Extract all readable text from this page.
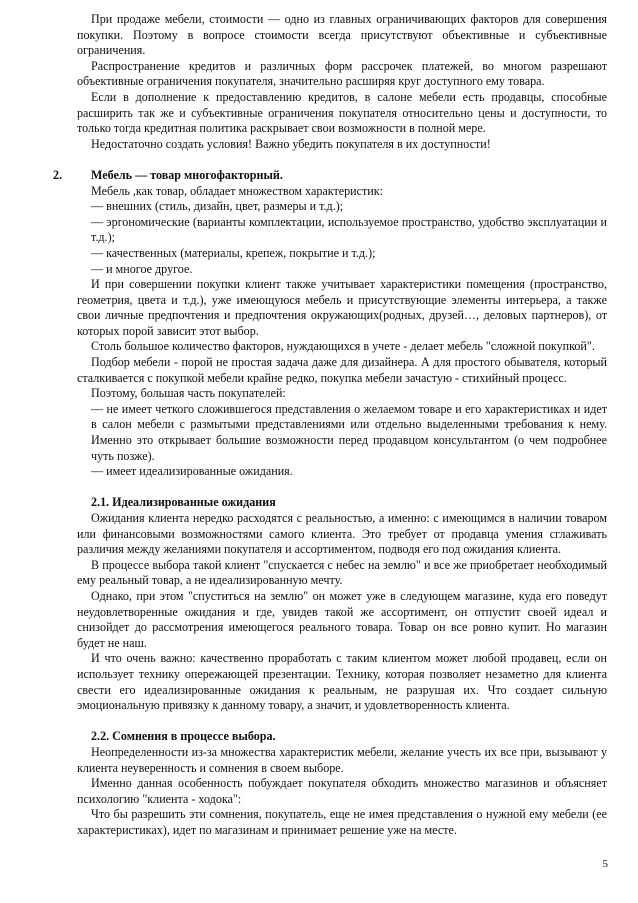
При продаже мебели, стоимости — одно из главных ограничивающих факторов для совершения покупки. Поэтому в вопросе стоимости всегда присутствуют объективные и субъективные ограничения.

Распространение кредитов и различных форм рассрочек платежей, во многом разрешают объективные ограничения покупателя, значительно расширяя круг доступного ему товара.

Если в дополнение к предоставлению кредитов, в салоне мебели есть продавцы, способные расширить так же и субъективные ограничения покупателя относительно цены и доступности, то только тогда кредитная политика раскрывает свои возможности в полной мере.

Недостаточно создать условия! Важно убедить покупателя в их доступности!

2.	Мебель — товар многофакторный.

Мебель ,как товар, обладает множеством характеристик:

— внешних (стиль, дизайн, цвет, размеры и т.д.);

— эргономические (варианты комплектации, используемое пространство, удобство эксплуатации и т.д.);

— качественных (материалы, крепеж, покрытие и т.д.);

— и многое другое.

И при совершении покупки клиент также учитывает характеристики помещения (пространство, геометрия, цвета и т.д.), уже имеющуюся мебель и присутствующие элементы интерьера, а также свои личные предпочтения и предпочтения окружающих(родных, друзей…, деловых партнеров), от которых порой зависит этот выбор.

Столь большое количество факторов, нуждающихся в учете - делает мебель "сложной покупкой".

Подбор мебели - порой не простая задача даже для дизайнера. А для простого обывателя, который сталкивается с покупкой мебели крайне редко, покупка мебели зачастую - стихийный процесс.

Поэтому, большая часть покупателей:

— не имеет четкого сложившегося представления о желаемом товаре и его характеристиках и идет в салон мебели с размытыми представлениями или отдельно выделенными требования к нему. Именно это открывает большие возможности перед продавцом консультантом (о чем подробнее чуть позже).

— имеет идеализированные ожидания.

2.1. Идеализированные ожидания

Ожидания клиента нередко расходятся с реальностью, а именно: с имеющимся в наличии товаром или финансовыми возможностями самого клиента. Это требует от продавца умения сглаживать различия между желаниями покупателя и ассортиментом, подводя его под ожидания клиента.

В процессе выбора такой клиент "спускается с небес на землю" и все же приобретает необходимый ему реальный товар, а не идеализированную мечту.

Однако, при этом "спуститься на землю" он может уже в следующем магазине, куда его поведут неудовлетворенные ожидания и где, увидев такой же ассортимент, он отпустит своей идеал и снизойдет до рассмотрения имеющегося реального товара. Товар он все ровно купит. Но магазин будет не наш.

И что очень важно: качественно проработать с таким клиентом может любой продавец, если он использует технику опережающей презентации. Технику, которая позволяет незаметно для клиента свести его идеализированные ожидания к реальным, не разрушая их. Что создает сильную эмоциональную привязку к данному товару, а значит, и удовлетворенность клиента.

2.2. Сомнения в процессе выбора.

Неопределенности из-за множества характеристик мебели, желание учесть их все при, вызывают у клиента неуверенность и сомнения в своем выборе.

Именно данная особенность побуждает покупателя обходить множество магазинов и объясняет психологию "клиента - ходока":

Что бы разрешить эти сомнения, покупатель, еще не имея представления о нужной ему мебели (ее характеристиках), идет по магазинам и принимает решение уже на месте.

5
